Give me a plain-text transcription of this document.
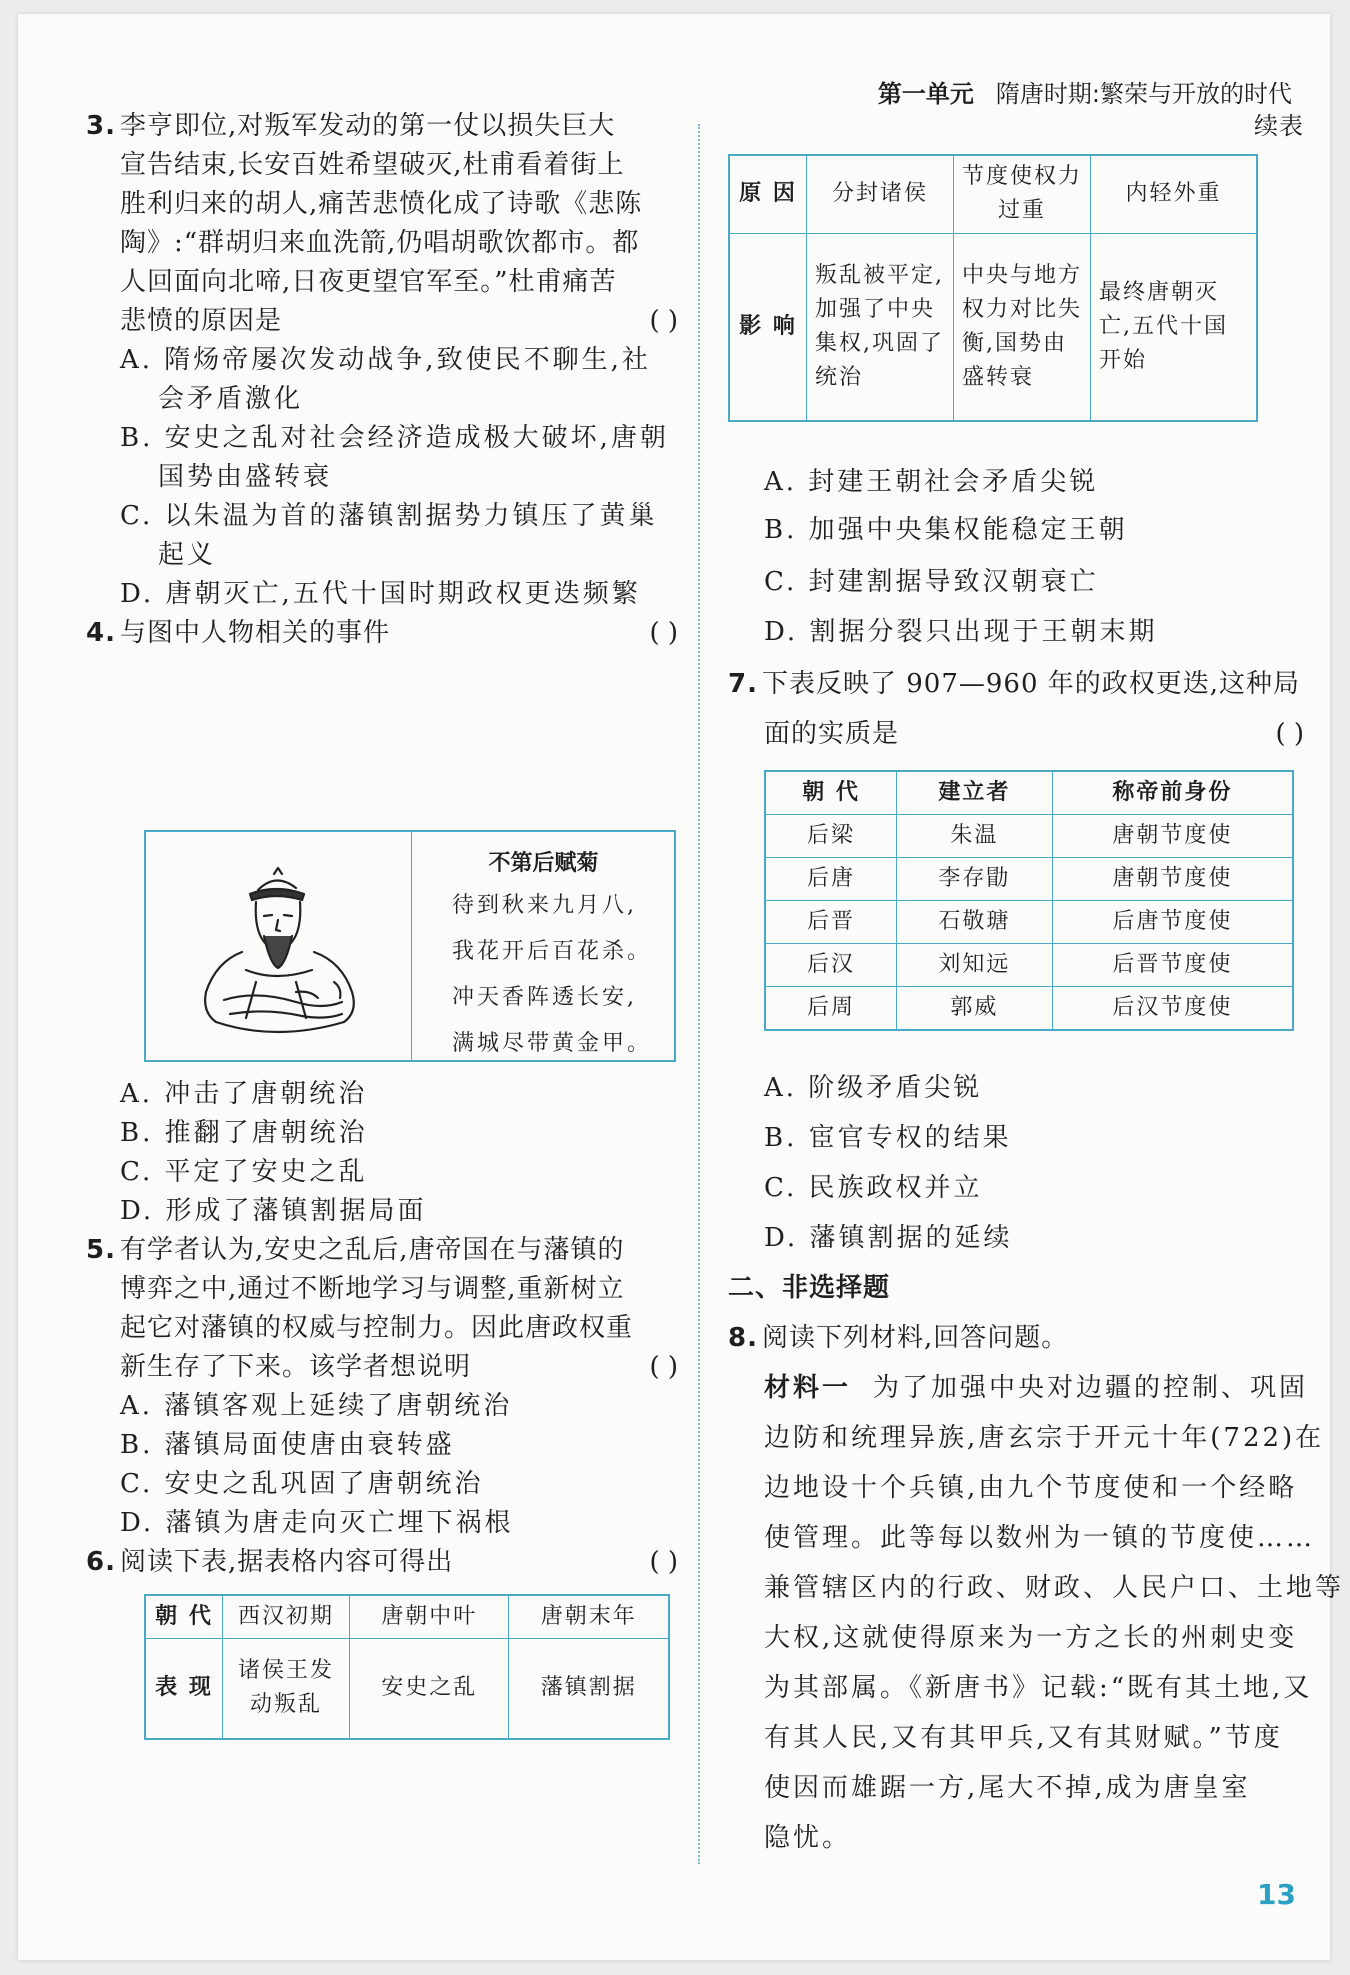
第一单元 隋唐时期:繁荣与开放的时代
3. 李亨即位,对叛军发动的第一仗以损失巨大
宣告结束,长安百姓希望破灭,杜甫看着街上
胜利归来的胡人,痛苦悲愤化成了诗歌《悲陈
陶》:“群胡归来血洗箭,仍唱胡歌饮都市。都
人回面向北啼,日夜更望官军至。”杜甫痛苦
悲愤的原因是	( )
A. 隋炀帝屡次发动战争,致使民不聊生,社
会矛盾激化
B. 安史之乱对社会经济造成极大破坏,唐朝
国势由盛转衰
C. 以朱温为首的藩镇割据势力镇压了黄巢
起义
D. 唐朝灭亡,五代十国时期政权更迭频繁
4. 与图中人物相关的事件	( )
不第后赋菊
待到秋来九月八,
我花开后百花杀。
冲天香阵透长安,
满城尽带黄金甲。
A. 冲击了唐朝统治
B. 推翻了唐朝统治
C. 平定了安史之乱
D. 形成了藩镇割据局面
5. 有学者认为,安史之乱后,唐帝国在与藩镇的
博弈之中,通过不断地学习与调整,重新树立
起它对藩镇的权威与控制力。因此唐政权重
新生存了下来。该学者想说明	( )
A. 藩镇客观上延续了唐朝统治
B. 藩镇局面使唐由衰转盛
C. 安史之乱巩固了唐朝统治
D. 藩镇为唐走向灭亡埋下祸根
6. 阅读下表,据表格内容可得出	( )
朝 代	西汉初期	唐朝中叶	唐朝末年
表 现	诸侯王发动叛乱	安史之乱	藩镇割据
续表
原 因	分封诸侯	节度使权力过重	内轻外重
影 响	叛乱被平定,加强了中央集权,巩固了统治	中央与地方权力对比失衡,国势由盛转衰	最终唐朝灭亡,五代十国开始
A. 封建王朝社会矛盾尖锐
B. 加强中央集权能稳定王朝
C. 封建割据导致汉朝衰亡
D. 割据分裂只出现于王朝末期
7. 下表反映了 907—960 年的政权更迭,这种局
面的实质是	( )
朝 代	建立者	称帝前身份
后梁	朱温	唐朝节度使
后唐	李存勖	唐朝节度使
后晋	石敬瑭	后唐节度使
后汉	刘知远	后晋节度使
后周	郭威	后汉节度使
A. 阶级矛盾尖锐
B. 宦官专权的结果
C. 民族政权并立
D. 藩镇割据的延续
二、非选择题
8. 阅读下列材料,回答问题。
材料一 为了加强中央对边疆的控制、巩固
边防和统理异族,唐玄宗于开元十年(722)在
边地设十个兵镇,由九个节度使和一个经略
使管理。此等每以数州为一镇的节度使……
兼管辖区内的行政、财政、人民户口、土地等
大权,这就使得原来为一方之长的州刺史变
为其部属。《新唐书》记载:“既有其土地,又
有其人民,又有其甲兵,又有其财赋。”节度
使因而雄踞一方,尾大不掉,成为唐皇室
隐忧。
13
